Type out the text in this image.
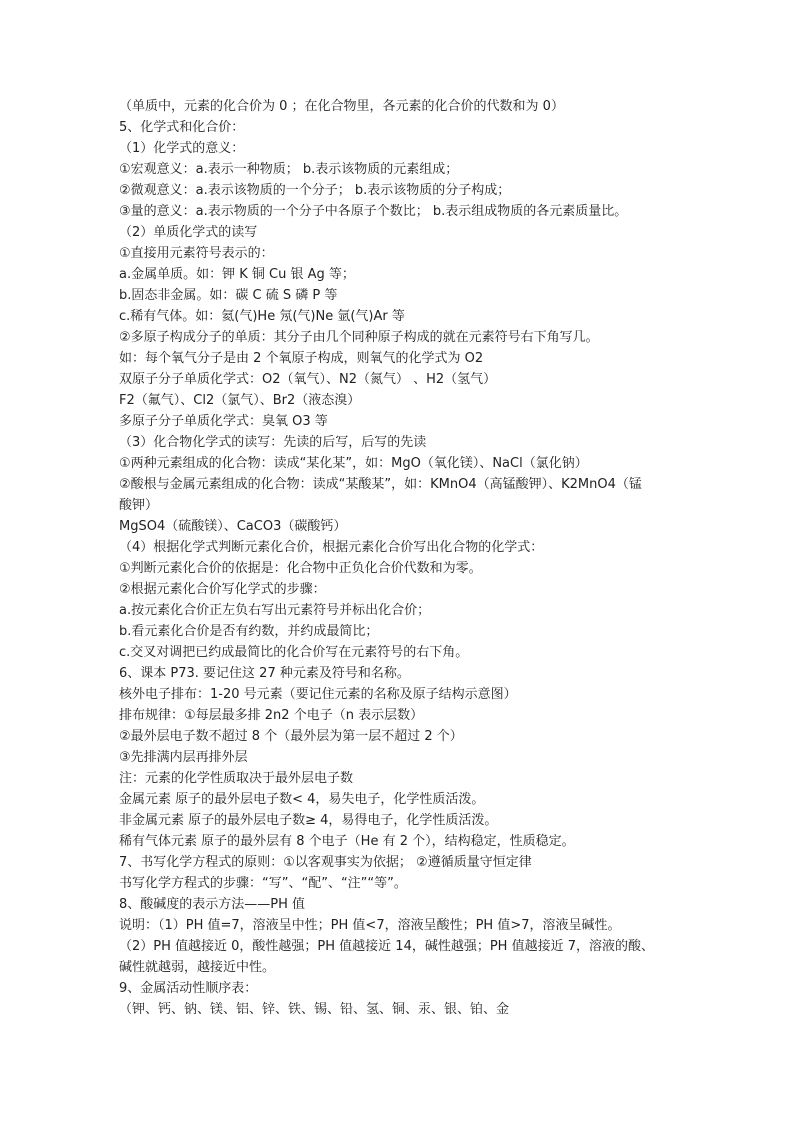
（单质中，元素的化合价为 0 ；在化合物里，各元素的化合价的代数和为 0）
5、化学式和化合价：
（1）化学式的意义：
①宏观意义：a.表示一种物质； b.表示该物质的元素组成；
②微观意义：a.表示该物质的一个分子； b.表示该物质的分子构成；
③量的意义：a.表示物质的一个分子中各原子个数比； b.表示组成物质的各元素质量比。
（2）单质化学式的读写
①直接用元素符号表示的：
a.金属单质。如：钾 K 铜 Cu 银 Ag 等；
b.固态非金属。如：碳 C 硫 S 磷 P 等
c.稀有气体。如：氦(气)He 氖(气)Ne 氩(气)Ar 等
②多原子构成分子的单质：其分子由几个同种原子构成的就在元素符号右下角写几。
如：每个氧气分子是由 2 个氧原子构成，则氧气的化学式为 O2
双原子分子单质化学式：O2（氧气）、N2（氮气） 、H2（氢气）
F2（氟气）、Cl2（氯气）、Br2（液态溴）
多原子分子单质化学式：臭氧 O3 等
（3）化合物化学式的读写：先读的后写，后写的先读
①两种元素组成的化合物：读成“某化某”，如：MgO（氧化镁）、NaCl（氯化钠）
②酸根与金属元素组成的化合物：读成“某酸某”，如：KMnO4（高锰酸钾）、K2MnO4（锰
酸钾）
MgSO4（硫酸镁）、CaCO3（碳酸钙）
（4）根据化学式判断元素化合价，根据元素化合价写出化合物的化学式：
①判断元素化合价的依据是：化合物中正负化合价代数和为零。
②根据元素化合价写化学式的步骤：
a.按元素化合价正左负右写出元素符号并标出化合价；
b.看元素化合价是否有约数，并约成最简比；
c.交叉对调把已约成最简比的化合价写在元素符号的右下角。
6、课本 P73. 要记住这 27 种元素及符号和名称。
核外电子排布：1-20 号元素（要记住元素的名称及原子结构示意图）
排布规律：①每层最多排 2n2 个电子（n 表示层数）
②最外层电子数不超过 8 个（最外层为第一层不超过 2 个）
③先排满内层再排外层
注：元素的化学性质取决于最外层电子数
金属元素 原子的最外层电子数< 4，易失电子，化学性质活泼。
非金属元素 原子的最外层电子数≥ 4，易得电子，化学性质活泼。
稀有气体元素 原子的最外层有 8 个电子（He 有 2 个），结构稳定，性质稳定。
7、书写化学方程式的原则：①以客观事实为依据； ②遵循质量守恒定律
书写化学方程式的步骤：“写”、“配”、“注”“等”。
8、酸碱度的表示方法——PH 值
说明：（1）PH 值=7，溶液呈中性；PH 值<7，溶液呈酸性；PH 值>7，溶液呈碱性。
（2）PH 值越接近 0，酸性越强；PH 值越接近 14，碱性越强；PH 值越接近 7，溶液的酸、
碱性就越弱，越接近中性。
9、金属活动性顺序表：
（钾、钙、钠、镁、铝、锌、铁、锡、铅、氢、铜、汞、银、铂、金
